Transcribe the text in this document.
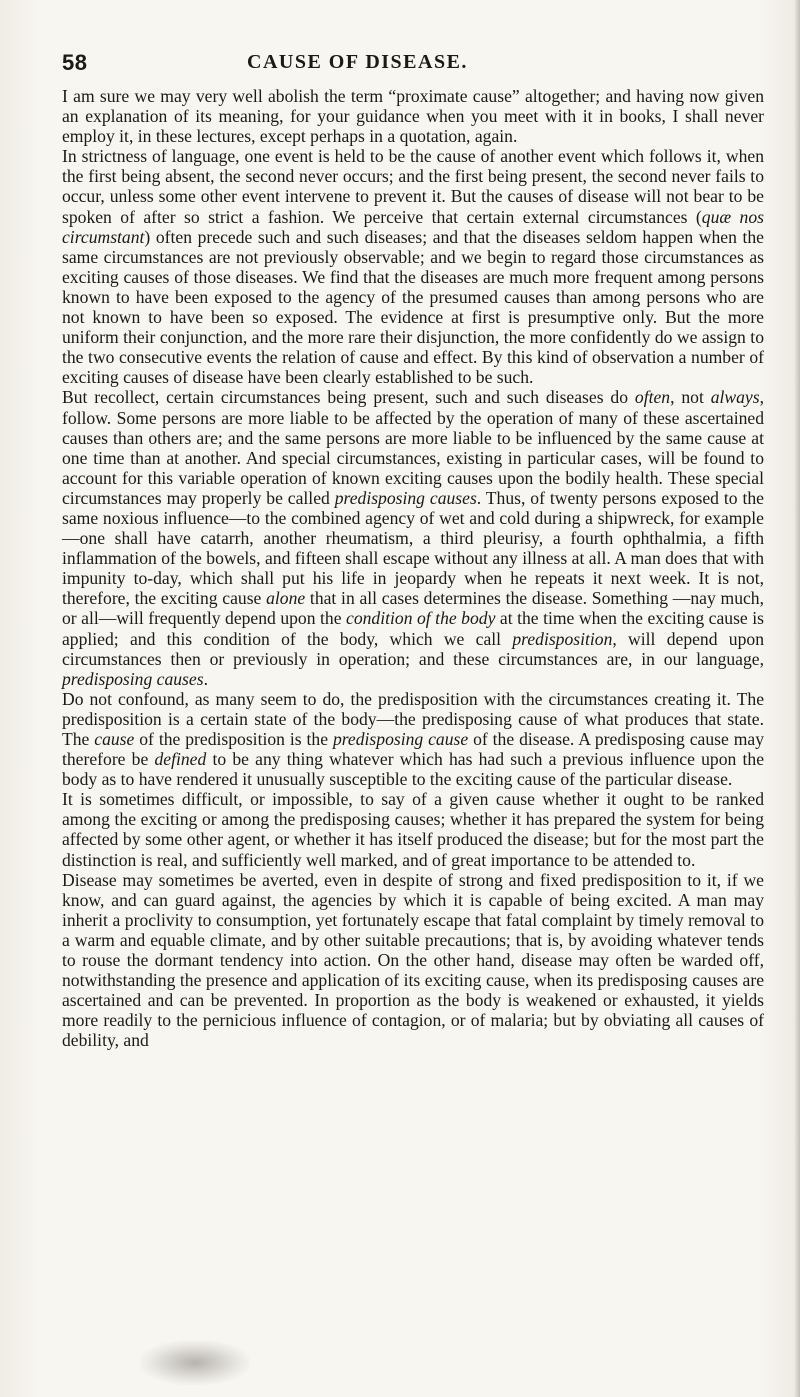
58	CAUSE OF DISEASE.

I am sure we may very well abolish the term “proximate cause” altogether; and having now given an explanation of its meaning, for your guidance when you meet with it in books, I shall never employ it, in these lectures, except perhaps in a quotation, again.

In strictness of language, one event is held to be the cause of another event which follows it, when the first being absent, the second never occurs; and the first being present, the second never fails to occur, unless some other event intervene to prevent it. But the causes of disease will not bear to be spoken of after so strict a fashion. We perceive that certain external circumstances (quæ nos circumstant) often precede such and such diseases; and that the diseases seldom happen when the same circumstances are not previously observable; and we begin to regard those circumstances as exciting causes of those diseases. We find that the diseases are much more frequent among persons known to have been exposed to the agency of the presumed causes than among persons who are not known to have been so exposed. The evidence at first is presumptive only. But the more uniform their conjunction, and the more rare their disjunction, the more confidently do we assign to the two consecutive events the relation of cause and effect. By this kind of observation a number of exciting causes of disease have been clearly established to be such.

But recollect, certain circumstances being present, such and such diseases do often, not always, follow. Some persons are more liable to be affected by the operation of many of these ascertained causes than others are; and the same persons are more liable to be influenced by the same cause at one time than at another. And special circumstances, existing in particular cases, will be found to account for this variable operation of known exciting causes upon the bodily health. These special circumstances may properly be called predisposing causes. Thus, of twenty persons exposed to the same noxious influence—to the combined agency of wet and cold during a shipwreck, for example—one shall have catarrh, another rheumatism, a third pleurisy, a fourth ophthalmia, a fifth inflammation of the bowels, and fifteen shall escape without any illness at all. A man does that with impunity to-day, which shall put his life in jeopardy when he repeats it next week. It is not, therefore, the exciting cause alone that in all cases determines the disease. Something —nay much, or all—will frequently depend upon the condition of the body at the time when the exciting cause is applied; and this condition of the body, which we call predisposition, will depend upon circumstances then or previously in operation; and these circumstances are, in our language, predisposing causes.

Do not confound, as many seem to do, the predisposition with the circumstances creating it. The predisposition is a certain state of the body—the predisposing cause of what produces that state. The cause of the predisposition is the predisposing cause of the disease. A predisposing cause may therefore be defined to be any thing whatever which has had such a previous influence upon the body as to have rendered it unusually susceptible to the exciting cause of the particular disease.

It is sometimes difficult, or impossible, to say of a given cause whether it ought to be ranked among the exciting or among the predisposing causes; whether it has prepared the system for being affected by some other agent, or whether it has itself produced the disease; but for the most part the distinction is real, and sufficiently well marked, and of great importance to be attended to.

Disease may sometimes be averted, even in despite of strong and fixed predisposition to it, if we know, and can guard against, the agencies by which it is capable of being excited. A man may inherit a proclivity to consumption, yet fortunately escape that fatal complaint by timely removal to a warm and equable climate, and by other suitable precautions; that is, by avoiding whatever tends to rouse the dormant tendency into action. On the other hand, disease may often be warded off, notwithstanding the presence and application of its exciting cause, when its predisposing causes are ascertained and can be prevented. In proportion as the body is weakened or exhausted, it yields more readily to the pernicious influence of contagion, or of malaria; but by obviating all causes of debility, and
